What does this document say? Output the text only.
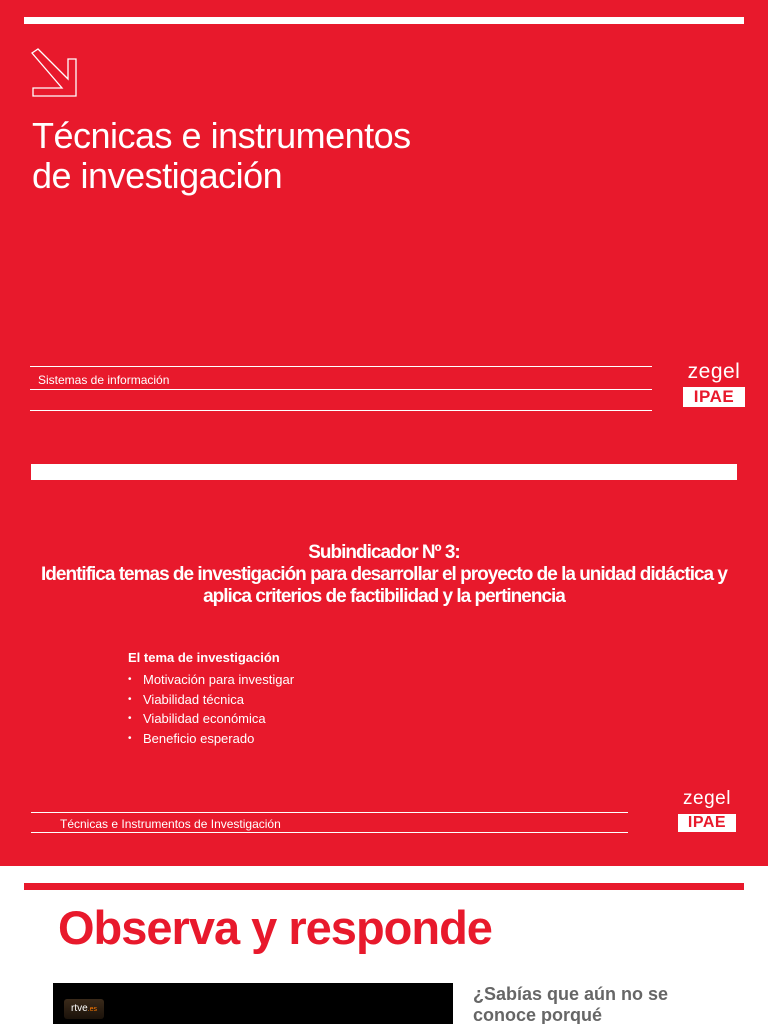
Técnicas e instrumentos de investigación
Sistemas de información	zegel
IPAE
Subindicador Nº 3:
Identifica temas de investigación para desarrollar el proyecto de la unidad didáctica y aplica criterios de factibilidad y la pertinencia
El tema de investigación
• Motivación para investigar
• Viabilidad técnica
• Viabilidad económica
• Beneficio esperado
Técnicas e Instrumentos de Investigación
zegel
IPAE
Observa y responde
rtve.es

¿Sabías que aún no se conoce porqué
